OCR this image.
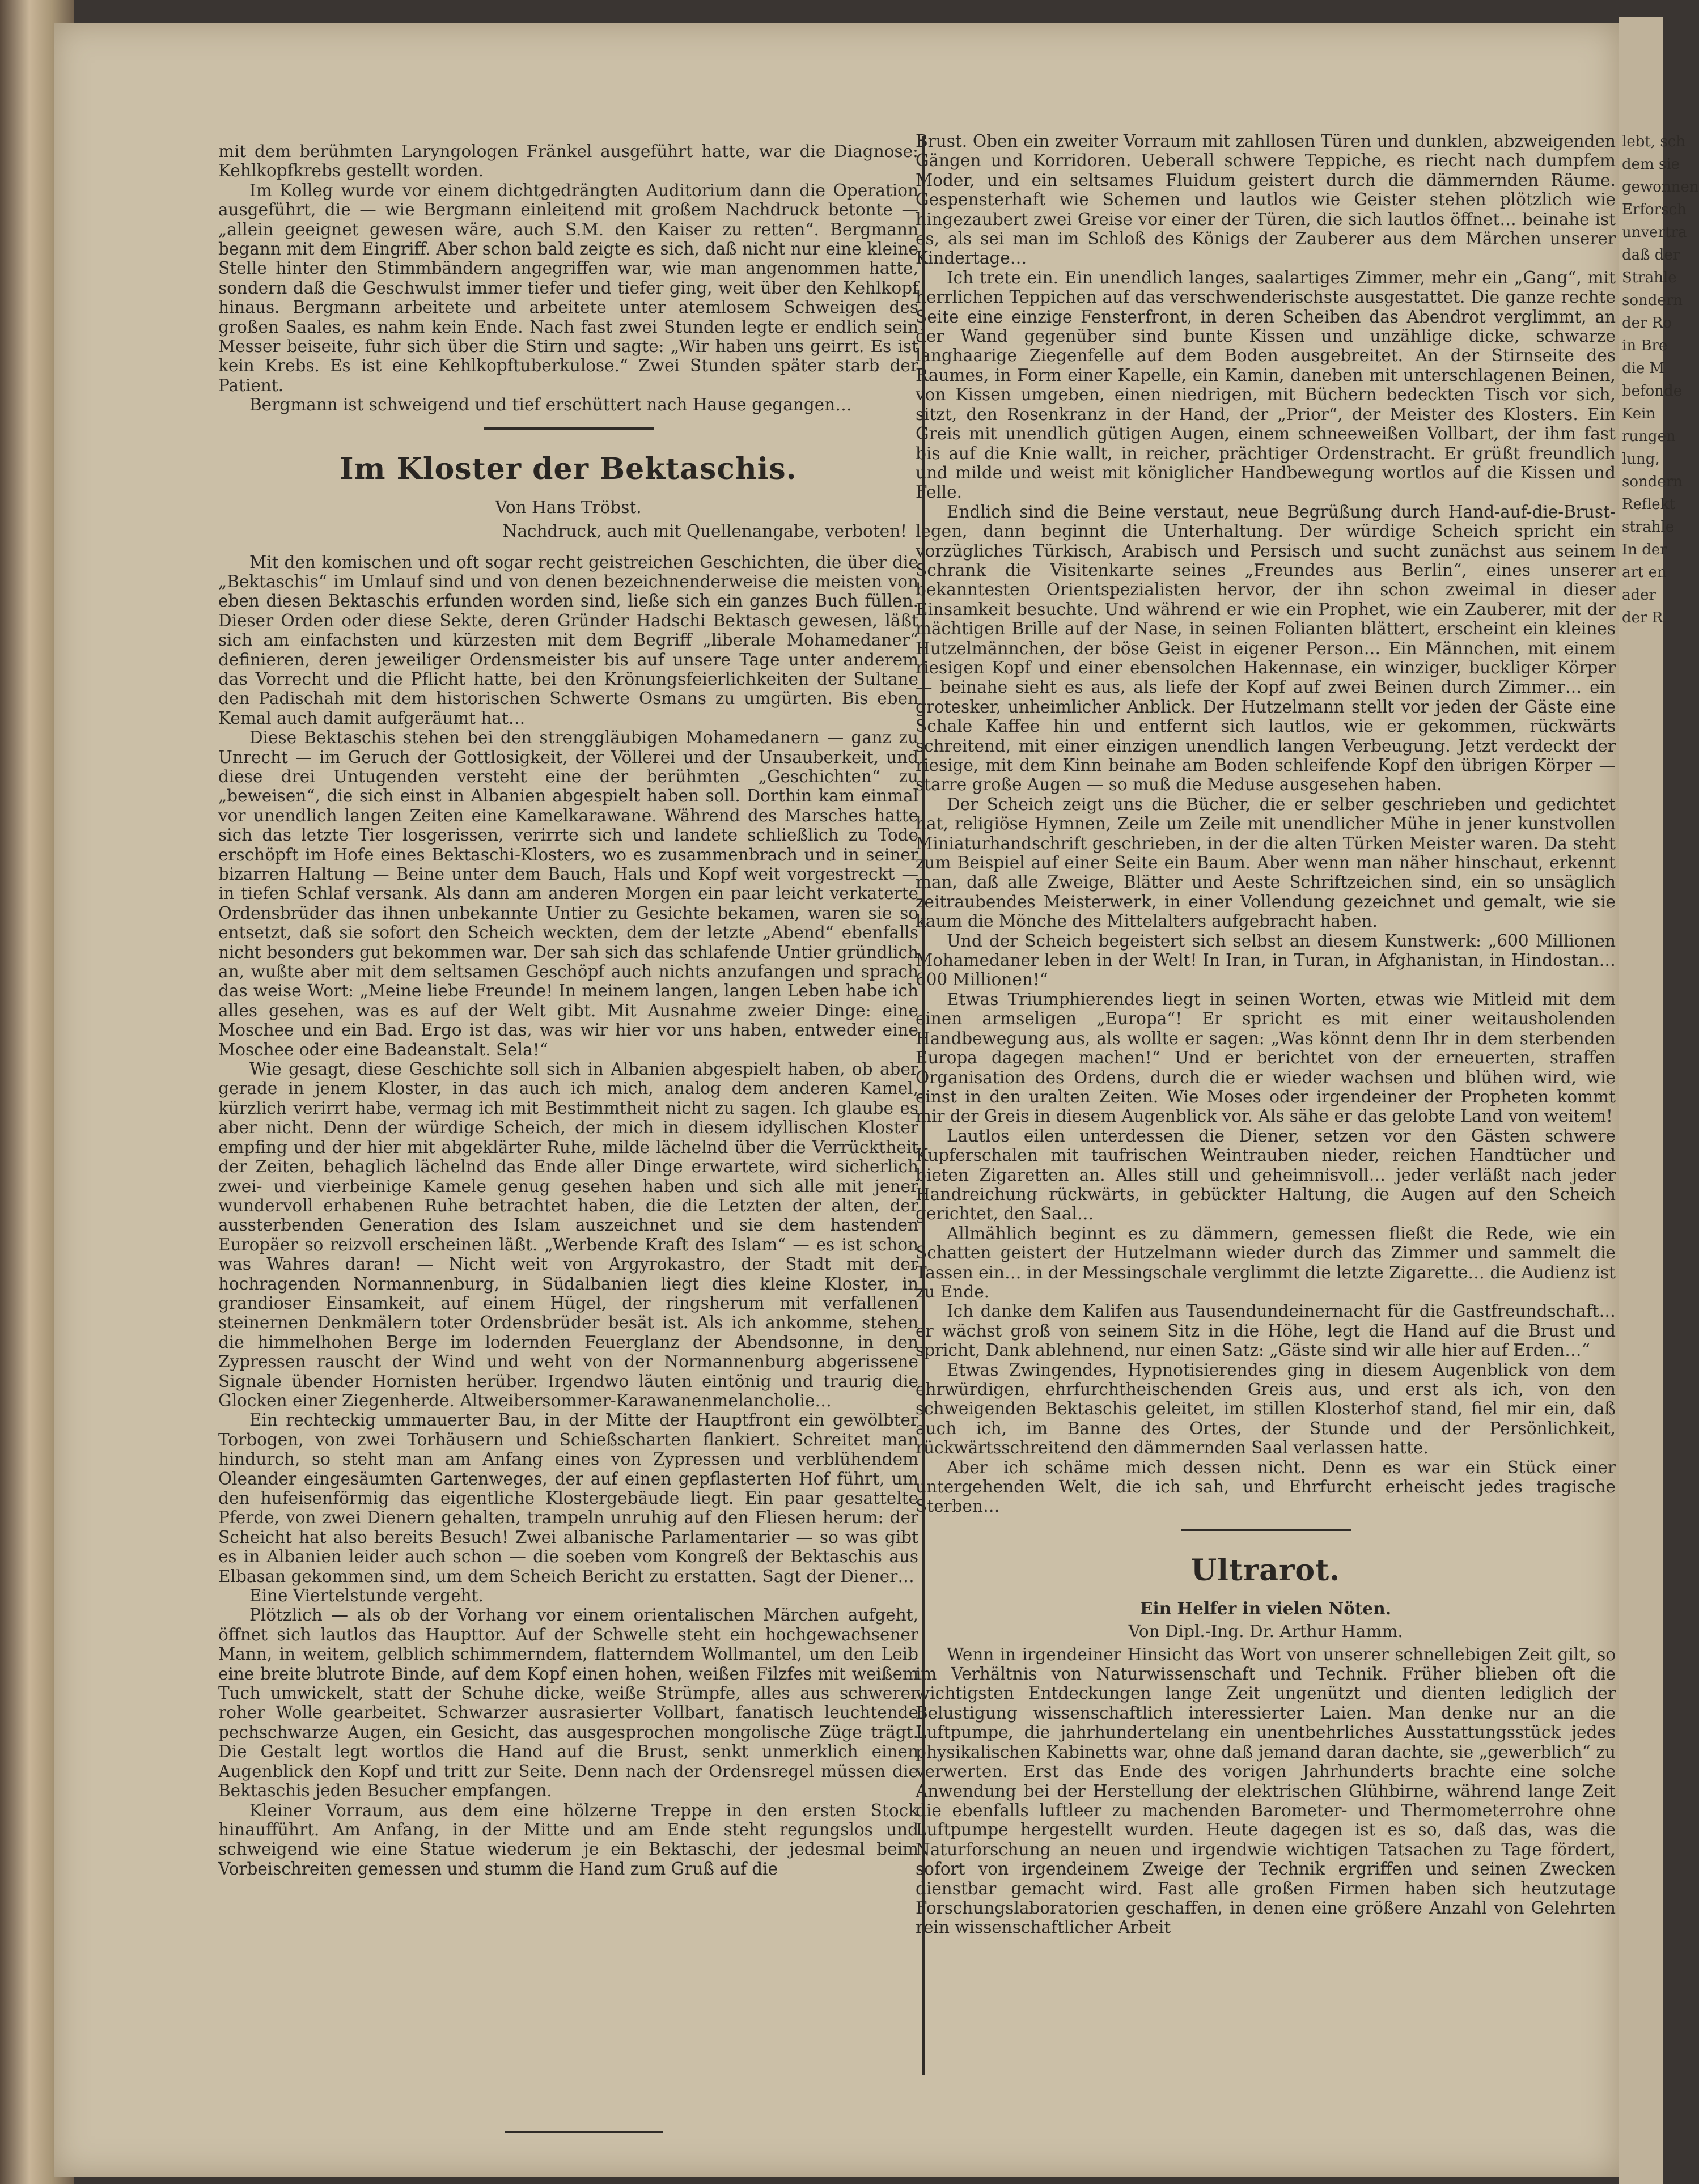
lebt, sch
dem sie
gewonnen
Erforsch
unvertra
daß der
Strahle
sondern
der Ro
in Bre
die M
befonde
Kein
rungen
lung,
sondern
Reflekt
strahle
In der
art en
ader
der R

mit dem berühmten Laryngologen Fränkel ausgeführt hatte, war die Diagnose: Kehlkopfkrebs gestellt worden.

Im Kolleg wurde vor einem dichtgedrängten Auditorium dann die Operation ausgeführt, die — wie Bergmann einleitend mit großem Nachdruck betonte — „allein geeignet gewesen wäre, auch S.M. den Kaiser zu retten“. Bergmann begann mit dem Eingriff. Aber schon bald zeigte es sich, daß nicht nur eine kleine Stelle hinter den Stimmbändern angegriffen war, wie man angenommen hatte, sondern daß die Geschwulst immer tiefer und tiefer ging, weit über den Kehlkopf hinaus. Bergmann arbeitete und arbeitete unter atemlosem Schweigen des großen Saales, es nahm kein Ende. Nach fast zwei Stunden legte er endlich sein Messer beiseite, fuhr sich über die Stirn und sagte: „Wir haben uns geirrt. Es ist kein Krebs. Es ist eine Kehlkopftuberkulose.“ Zwei Stunden später starb der Patient.

Bergmann ist schweigend und tief erschüttert nach Hause gegangen…

Im Kloster der Bektaschis.
Von Hans Tröbst.
Nachdruck, auch mit Quellenangabe, verboten!

Mit den komischen und oft sogar recht geistreichen Geschichten, die über die „Bektaschis“ im Umlauf sind und von denen bezeichnenderweise die meisten von eben diesen Bektaschis erfunden worden sind, ließe sich ein ganzes Buch füllen. Dieser Orden oder diese Sekte, deren Gründer Hadschi Bektasch gewesen, läßt sich am einfachsten und kürzesten mit dem Begriff „liberale Mohamedaner“ definieren, deren jeweiliger Ordensmeister bis auf unsere Tage unter anderem das Vorrecht und die Pflicht hatte, bei den Krönungsfeierlichkeiten der Sultane den Padischah mit dem historischen Schwerte Osmans zu umgürten. Bis eben Kemal auch damit aufgeräumt hat…

Diese Bektaschis stehen bei den strenggläubigen Mohamedanern — ganz zu Unrecht — im Geruch der Gottlosigkeit, der Völlerei und der Unsauberkeit, und diese drei Untugenden versteht eine der berühmten „Geschichten“ zu „beweisen“, die sich einst in Albanien abgespielt haben soll. Dorthin kam einmal vor unendlich langen Zeiten eine Kamelkarawane. Während des Marsches hatte sich das letzte Tier losgerissen, verirrte sich und landete schließlich zu Tode erschöpft im Hofe eines Bektaschi-Klosters, wo es zusammenbrach und in seiner bizarren Haltung — Beine unter dem Bauch, Hals und Kopf weit vorgestreckt — in tiefen Schlaf versank. Als dann am anderen Morgen ein paar leicht verkaterte Ordensbrüder das ihnen unbekannte Untier zu Gesichte bekamen, waren sie so entsetzt, daß sie sofort den Scheich weckten, dem der letzte „Abend“ ebenfalls nicht besonders gut bekommen war. Der sah sich das schlafende Untier gründlich an, wußte aber mit dem seltsamen Geschöpf auch nichts anzufangen und sprach das weise Wort: „Meine liebe Freunde! In meinem langen, langen Leben habe ich alles gesehen, was es auf der Welt gibt. Mit Ausnahme zweier Dinge: eine Moschee und ein Bad. Ergo ist das, was wir hier vor uns haben, entweder eine Moschee oder eine Badeanstalt. Sela!“

Wie gesagt, diese Geschichte soll sich in Albanien abgespielt haben, ob aber gerade in jenem Kloster, in das auch ich mich, analog dem anderen Kamel, kürzlich verirrt habe, vermag ich mit Bestimmtheit nicht zu sagen. Ich glaube es aber nicht. Denn der würdige Scheich, der mich in diesem idyllischen Kloster empfing und der hier mit abgeklärter Ruhe, milde lächelnd über die Verrücktheit der Zeiten, behaglich lächelnd das Ende aller Dinge erwartete, wird sicherlich zwei- und vierbeinige Kamele genug gesehen haben und sich alle mit jener wundervoll erhabenen Ruhe betrachtet haben, die die Letzten der alten, der aussterbenden Generation des Islam auszeichnet und sie dem hastenden Europäer so reizvoll erscheinen läßt. „Werbende Kraft des Islam“ — es ist schon was Wahres daran! — Nicht weit von Argyrokastro, der Stadt mit der hochragenden Normannenburg, in Südalbanien liegt dies kleine Kloster, in grandioser Einsamkeit, auf einem Hügel, der ringsherum mit verfallenen steinernen Denkmälern toter Ordensbrüder besät ist. Als ich ankomme, stehen die himmelhohen Berge im lodernden Feuerglanz der Abendsonne, in den Zypressen rauscht der Wind und weht von der Normannenburg abgerissene Signale übender Hornisten herüber. Irgendwo läuten eintönig und traurig die Glocken einer Ziegenherde. Altweibersommer-Karawanenmelancholie…

Ein rechteckig ummauerter Bau, in der Mitte der Hauptfront ein gewölbter Torbogen, von zwei Torhäusern und Schießscharten flankiert. Schreitet man hindurch, so steht man am Anfang eines von Zypressen und verblühendem Oleander eingesäumten Gartenweges, der auf einen gepflasterten Hof führt, um den hufeisenförmig das eigentliche Klostergebäude liegt. Ein paar gesattelte Pferde, von zwei Dienern gehalten, trampeln unruhig auf den Fliesen herum: der Scheicht hat also bereits Besuch! Zwei albanische Parlamentarier — so was gibt es in Albanien leider auch schon — die soeben vom Kongreß der Bektaschis aus Elbasan gekommen sind, um dem Scheich Bericht zu erstatten. Sagt der Diener…

Eine Viertelstunde vergeht.

Plötzlich — als ob der Vorhang vor einem orientalischen Märchen aufgeht, öffnet sich lautlos das Haupttor. Auf der Schwelle steht ein hochgewachsener Mann, in weitem, gelblich schimmerndem, flatterndem Wollmantel, um den Leib eine breite blutrote Binde, auf dem Kopf einen hohen, weißen Filzfes mit weißem Tuch umwickelt, statt der Schuhe dicke, weiße Strümpfe, alles aus schwerer roher Wolle gearbeitet. Schwarzer ausrasierter Vollbart, fanatisch leuchtende pechschwarze Augen, ein Gesicht, das ausgesprochen mongolische Züge trägt. Die Gestalt legt wortlos die Hand auf die Brust, senkt unmerklich einen Augenblick den Kopf und tritt zur Seite. Denn nach der Ordensregel müssen die Bektaschis jeden Besucher empfangen.

Kleiner Vorraum, aus dem eine hölzerne Treppe in den ersten Stock hinaufführt. Am Anfang, in der Mitte und am Ende steht regungslos und schweigend wie eine Statue wiederum je ein Bektaschi, der jedesmal beim Vorbeischreiten gemessen und stumm die Hand zum Gruß auf die

Brust. Oben ein zweiter Vorraum mit zahllosen Türen und dunklen, abzweigenden Gängen und Korridoren. Ueberall schwere Teppiche, es riecht nach dumpfem Moder, und ein seltsames Fluidum geistert durch die dämmernden Räume. Gespensterhaft wie Schemen und lautlos wie Geister stehen plötzlich wie hingezaubert zwei Greise vor einer der Türen, die sich lautlos öffnet… beinahe ist es, als sei man im Schloß des Königs der Zauberer aus dem Märchen unserer Kindertage…

Ich trete ein. Ein unendlich langes, saalartiges Zimmer, mehr ein „Gang“, mit herrlichen Teppichen auf das verschwenderischste ausgestattet. Die ganze rechte Seite eine einzige Fensterfront, in deren Scheiben das Abendrot verglimmt, an der Wand gegenüber sind bunte Kissen und unzählige dicke, schwarze langhaarige Ziegenfelle auf dem Boden ausgebreitet. An der Stirnseite des Raumes, in Form einer Kapelle, ein Kamin, daneben mit unterschlagenen Beinen, von Kissen umgeben, einen niedrigen, mit Büchern bedeckten Tisch vor sich, sitzt, den Rosenkranz in der Hand, der „Prior“, der Meister des Klosters. Ein Greis mit unendlich gütigen Augen, einem schneeweißen Vollbart, der ihm fast bis auf die Knie wallt, in reicher, prächtiger Ordenstracht. Er grüßt freundlich und milde und weist mit königlicher Handbewegung wortlos auf die Kissen und Felle.

Endlich sind die Beine verstaut, neue Begrüßung durch Hand-auf-die-Brust-legen, dann beginnt die Unterhaltung. Der würdige Scheich spricht ein vorzügliches Türkisch, Arabisch und Persisch und sucht zunächst aus seinem Schrank die Visitenkarte seines „Freundes aus Berlin“, eines unserer bekanntesten Orientspezialisten hervor, der ihn schon zweimal in dieser Einsamkeit besuchte. Und während er wie ein Prophet, wie ein Zauberer, mit der mächtigen Brille auf der Nase, in seinen Folianten blättert, erscheint ein kleines Hutzelmännchen, der böse Geist in eigener Person… Ein Männchen, mit einem riesigen Kopf und einer ebensolchen Hakennase, ein winziger, buckliger Körper — beinahe sieht es aus, als liefe der Kopf auf zwei Beinen durch Zimmer… ein grotesker, unheimlicher Anblick. Der Hutzelmann stellt vor jeden der Gäste eine Schale Kaffee hin und entfernt sich lautlos, wie er gekommen, rückwärts schreitend, mit einer einzigen unendlich langen Verbeugung. Jetzt verdeckt der riesige, mit dem Kinn beinahe am Boden schleifende Kopf den übrigen Körper — starre große Augen — so muß die Meduse ausgesehen haben.

Der Scheich zeigt uns die Bücher, die er selber geschrieben und gedichtet hat, religiöse Hymnen, Zeile um Zeile mit unendlicher Mühe in jener kunstvollen Miniaturhandschrift geschrieben, in der die alten Türken Meister waren. Da steht zum Beispiel auf einer Seite ein Baum. Aber wenn man näher hinschaut, erkennt man, daß alle Zweige, Blätter und Aeste Schriftzeichen sind, ein so unsäglich zeitraubendes Meisterwerk, in einer Vollendung gezeichnet und gemalt, wie sie kaum die Mönche des Mittelalters aufgebracht haben.

Und der Scheich begeistert sich selbst an diesem Kunstwerk: „600 Millionen Mohamedaner leben in der Welt! In Iran, in Turan, in Afghanistan, in Hindostan… 600 Millionen!“

Etwas Triumphierendes liegt in seinen Worten, etwas wie Mitleid mit dem einen armseligen „Europa“! Er spricht es mit einer weitausholenden Handbewegung aus, als wollte er sagen: „Was könnt denn Ihr in dem sterbenden Europa dagegen machen!“ Und er berichtet von der erneuerten, straffen Organisation des Ordens, durch die er wieder wachsen und blühen wird, wie einst in den uralten Zeiten. Wie Moses oder irgendeiner der Propheten kommt mir der Greis in diesem Augenblick vor. Als sähe er das gelobte Land von weitem!

Lautlos eilen unterdessen die Diener, setzen vor den Gästen schwere Kupferschalen mit taufrischen Weintrauben nieder, reichen Handtücher und bieten Zigaretten an. Alles still und geheimnisvoll… jeder verläßt nach jeder Handreichung rückwärts, in gebückter Haltung, die Augen auf den Scheich gerichtet, den Saal…

Allmählich beginnt es zu dämmern, gemessen fließt die Rede, wie ein Schatten geistert der Hutzelmann wieder durch das Zimmer und sammelt die Tassen ein… in der Messingschale verglimmt die letzte Zigarette… die Audienz ist zu Ende.

Ich danke dem Kalifen aus Tausendundeinernacht für die Gastfreundschaft… er wächst groß von seinem Sitz in die Höhe, legt die Hand auf die Brust und spricht, Dank ablehnend, nur einen Satz: „Gäste sind wir alle hier auf Erden…“

Etwas Zwingendes, Hypnotisierendes ging in diesem Augenblick von dem ehrwürdigen, ehrfurchtheischenden Greis aus, und erst als ich, von den schweigenden Bektaschis geleitet, im stillen Klosterhof stand, fiel mir ein, daß auch ich, im Banne des Ortes, der Stunde und der Persönlichkeit, rückwärtsschreitend den dämmernden Saal verlassen hatte.

Aber ich schäme mich dessen nicht. Denn es war ein Stück einer untergehenden Welt, die ich sah, und Ehrfurcht erheischt jedes tragische Sterben…

Ultrarot.
Ein Helfer in vielen Nöten.
Von Dipl.-Ing. Dr. Arthur Hamm.

Wenn in irgendeiner Hinsicht das Wort von unserer schnellebigen Zeit gilt, so im Verhältnis von Naturwissenschaft und Technik. Früher blieben oft die wichtigsten Entdeckungen lange Zeit ungenützt und dienten lediglich der Belustigung wissenschaftlich interessierter Laien. Man denke nur an die Luftpumpe, die jahrhundertelang ein unentbehrliches Ausstattungsstück jedes physikalischen Kabinetts war, ohne daß jemand daran dachte, sie „gewerblich“ zu verwerten. Erst das Ende des vorigen Jahrhunderts brachte eine solche Anwendung bei der Herstellung der elektrischen Glühbirne, während lange Zeit die ebenfalls luftleer zu machenden Barometer- und Thermometerrohre ohne Luftpumpe hergestellt wurden. Heute dagegen ist es so, daß das, was die Naturforschung an neuen und irgendwie wichtigen Tatsachen zu Tage fördert, sofort von irgendeinem Zweige der Technik ergriffen und seinen Zwecken dienstbar gemacht wird. Fast alle großen Firmen haben sich heutzutage Forschungslaboratorien geschaffen, in denen eine größere Anzahl von Gelehrten rein wissenschaftlicher Arbeit
